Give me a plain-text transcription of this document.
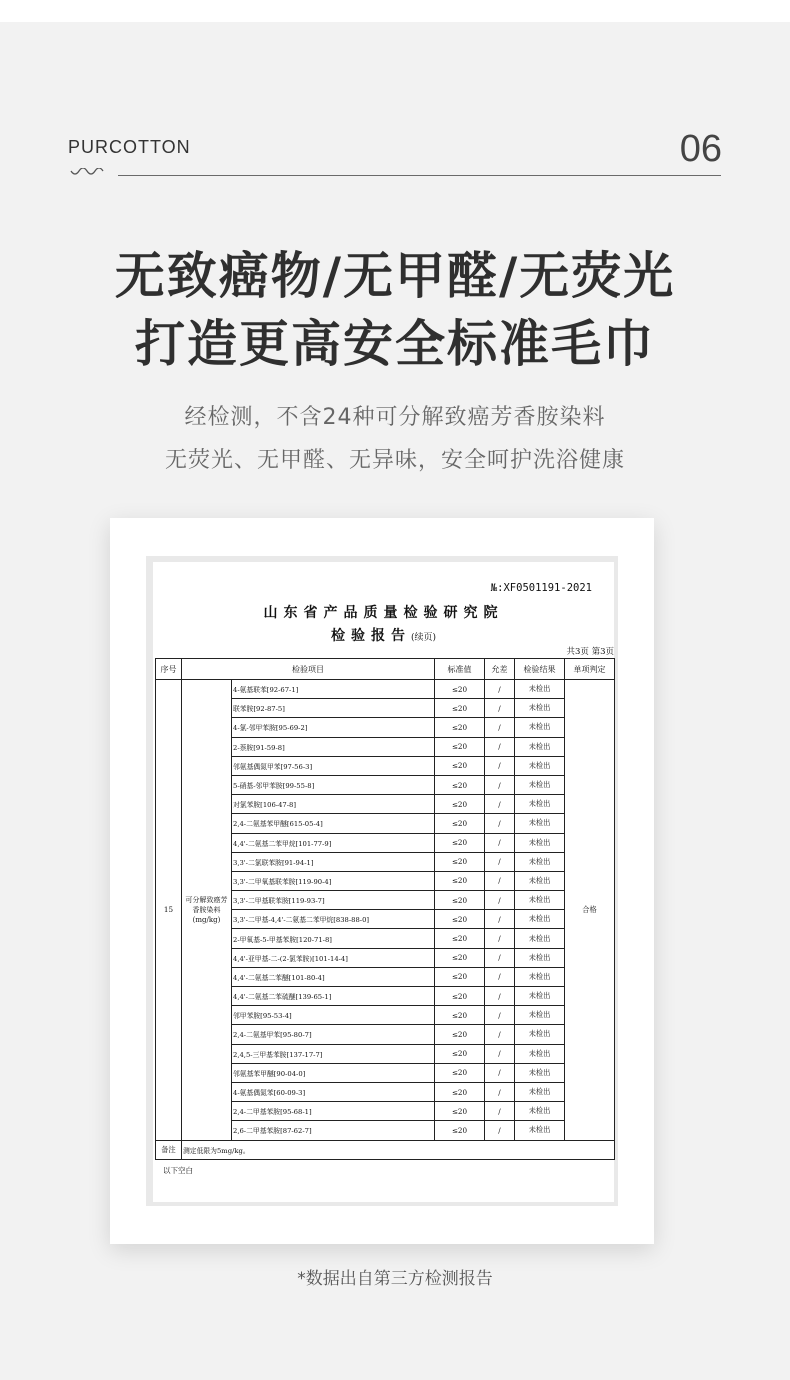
PURCOTTON	06
无致癌物/无甲醛/无荧光
打造更高安全标准毛巾
经检测，不含24种可分解致癌芳香胺染料
无荧光、无甲醛、无异味，安全呵护洗浴健康
№:XF0501191-2021
山东省产品质量检验研究院
检验报告(续页)
共3页 第3页
序号	检验项目		标准值	允差	检验结果	单项判定
15	可分解致癌芳香胺染料(mg/kg)	4-氨基联苯[92-67-1]	≤20	/	未检出	合格
		联苯胺[92-87-5]	≤20	/	未检出	
		4-氯-邻甲苯胺[95-69-2]	≤20	/	未检出	
		2-萘胺[91-59-8]	≤20	/	未检出	
		邻氨基偶氮甲苯[97-56-3]	≤20	/	未检出	
		5-硝基-邻甲苯胺[99-55-8]	≤20	/	未检出	
		对氯苯胺[106-47-8]	≤20	/	未检出	
		2,4-二氨基苯甲醚[615-05-4]	≤20	/	未检出	
		4,4'-二氨基二苯甲烷[101-77-9]	≤20	/	未检出	
		3,3'-二氯联苯胺[91-94-1]	≤20	/	未检出	
		3,3'-二甲氧基联苯胺[119-90-4]	≤20	/	未检出	
		3,3'-二甲基联苯胺[119-93-7]	≤20	/	未检出	
		3,3'-二甲基-4,4'-二氨基二苯甲烷[838-88-0]	≤20	/	未检出	
		2-甲氧基-5-甲基苯胺[120-71-8]	≤20	/	未检出	
		4,4'-亚甲基-二-(2-氯苯胺)[101-14-4]	≤20	/	未检出	
		4,4'-二氨基二苯醚[101-80-4]	≤20	/	未检出	
		4,4'-二氨基二苯硫醚[139-65-1]	≤20	/	未检出	
		邻甲苯胺[95-53-4]	≤20	/	未检出	
		2,4-二氨基甲苯[95-80-7]	≤20	/	未检出	
		2,4,5-三甲基苯胺[137-17-7]	≤20	/	未检出	
		邻氨基苯甲醚[90-04-0]	≤20	/	未检出	
		4-氨基偶氮苯[60-09-3]	≤20	/	未检出	
		2,4-二甲基苯胺[95-68-1]	≤20	/	未检出	
		2,6-二甲基苯胺[87-62-7]	≤20	/	未检出	
备注	测定低限为5mg/kg。					
以下空白
*数据出自第三方检测报告
